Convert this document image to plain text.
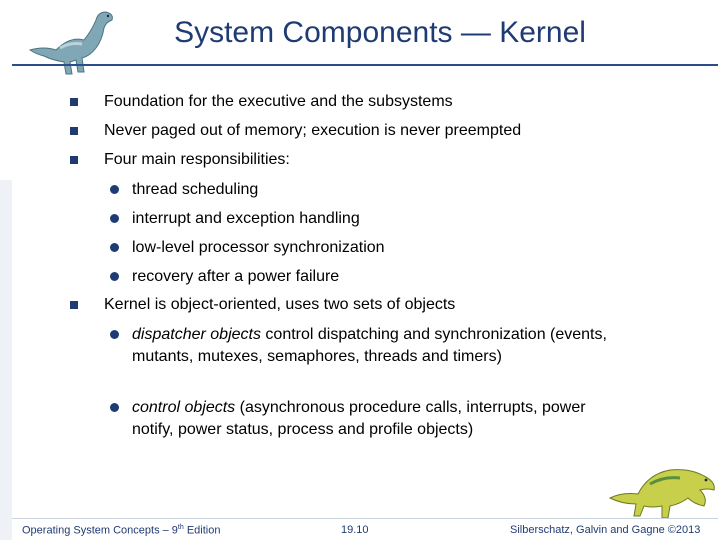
System Components — Kernel
Foundation for the executive and the subsystems
Never paged out of memory; execution is never preempted
Four main responsibilities:
thread scheduling
interrupt and exception handling
low-level processor synchronization
recovery after a power failure
Kernel is object-oriented, uses two sets of objects
dispatcher objects control dispatching and synchronization (events, mutants, mutexes, semaphores, threads and timers)
control objects (asynchronous procedure calls, interrupts, power notify, power status, process and profile objects)
Operating System Concepts – 9th Edition	19.10	Silberschatz, Galvin and Gagne ©2013
